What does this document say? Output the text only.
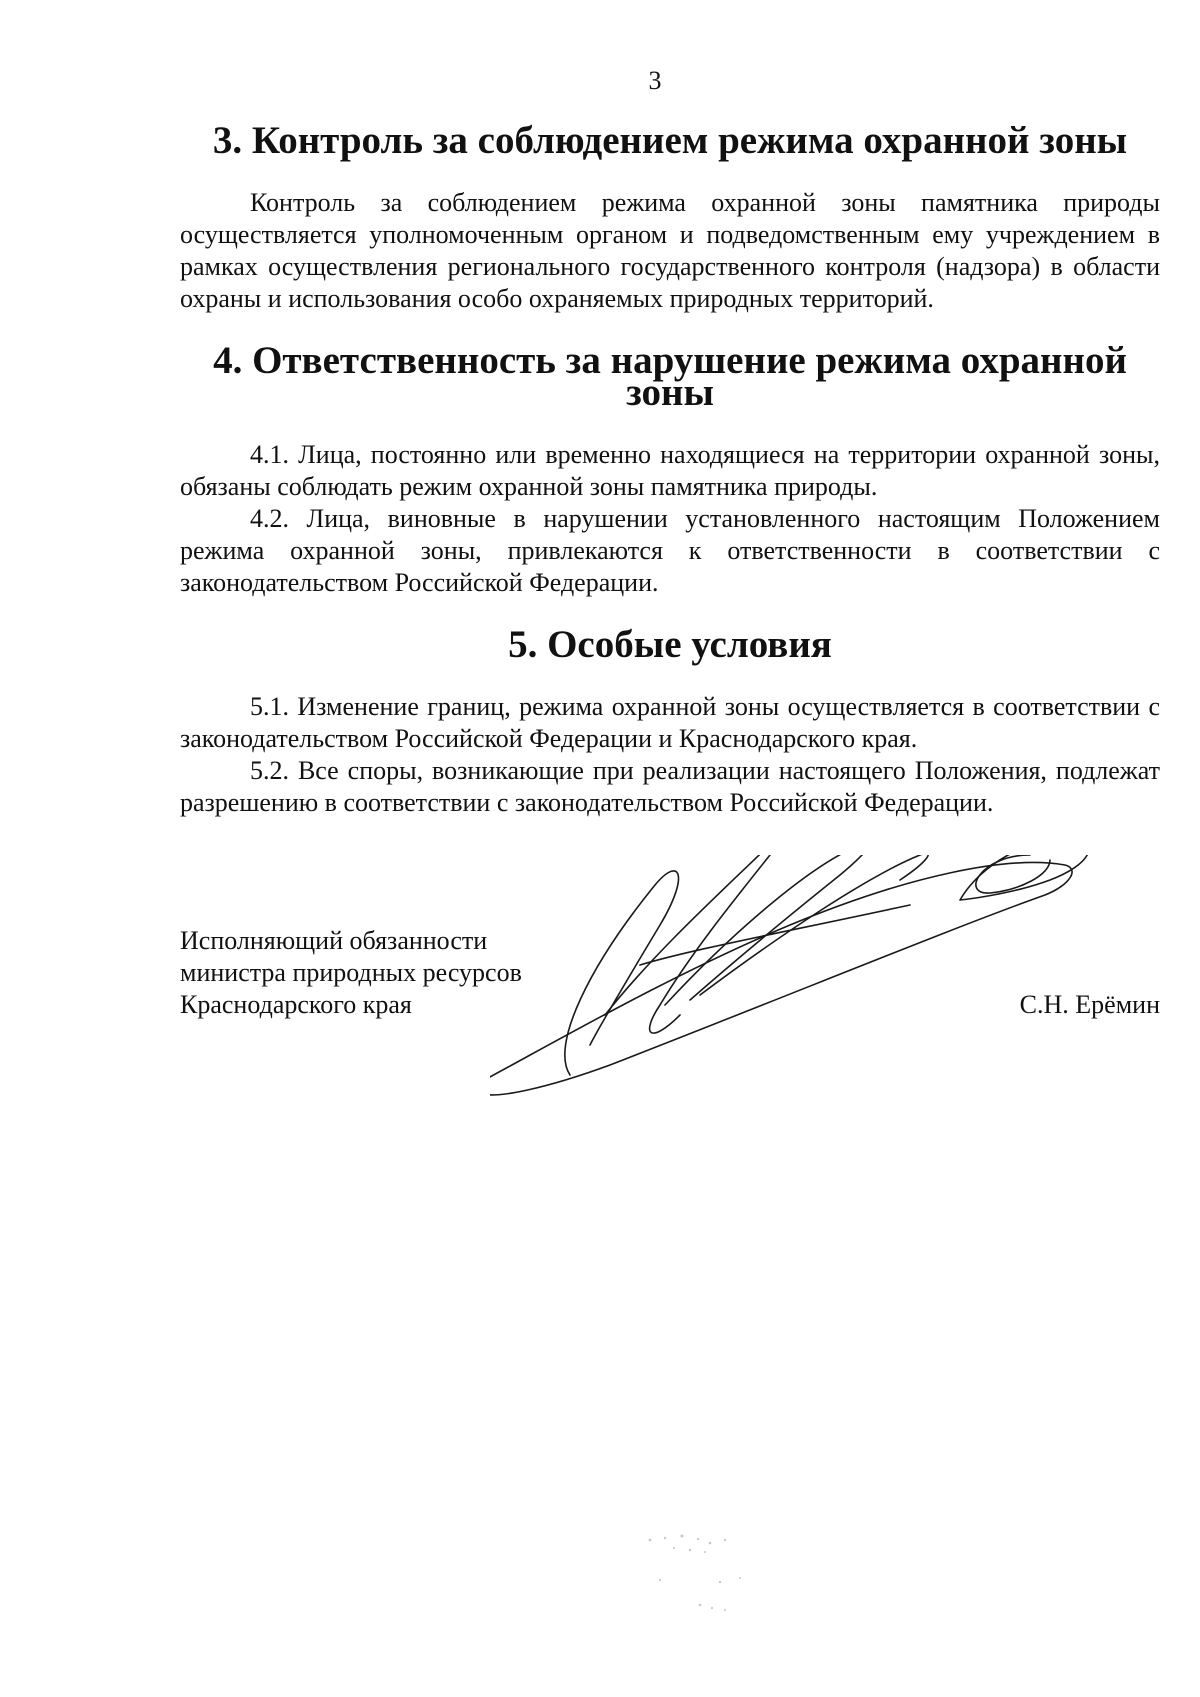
3
3. Контроль за соблюдением режима охранной зоны

Контроль за соблюдением режима охранной зоны памятника природы осуществляется уполномоченным органом и подведомственным ему учреждением в рамках осуществления регионального государственного контроля (надзора) в области охраны и использования особо охраняемых природных территорий.

4. Ответственность за нарушение режима охранной зоны

4.1. Лица, постоянно или временно находящиеся на территории охранной зоны, обязаны соблюдать режим охранной зоны памятника природы.

4.2. Лица, виновные в нарушении установленного настоящим Положением режима охранной зоны, привлекаются к ответственности в соответствии с законодательством Российской Федерации.

5. Особые условия

5.1. Изменение границ, режима охранной зоны осуществляется в соответствии с законодательством Российской Федерации и Краснодарского края.

5.2. Все споры, возникающие при реализации настоящего Положения, подлежат разрешению в соответствии с законодательством Российской Федерации.

Исполняющий обязанности
министра природных ресурсов
Краснодарского края	С.Н. Ерёмин
